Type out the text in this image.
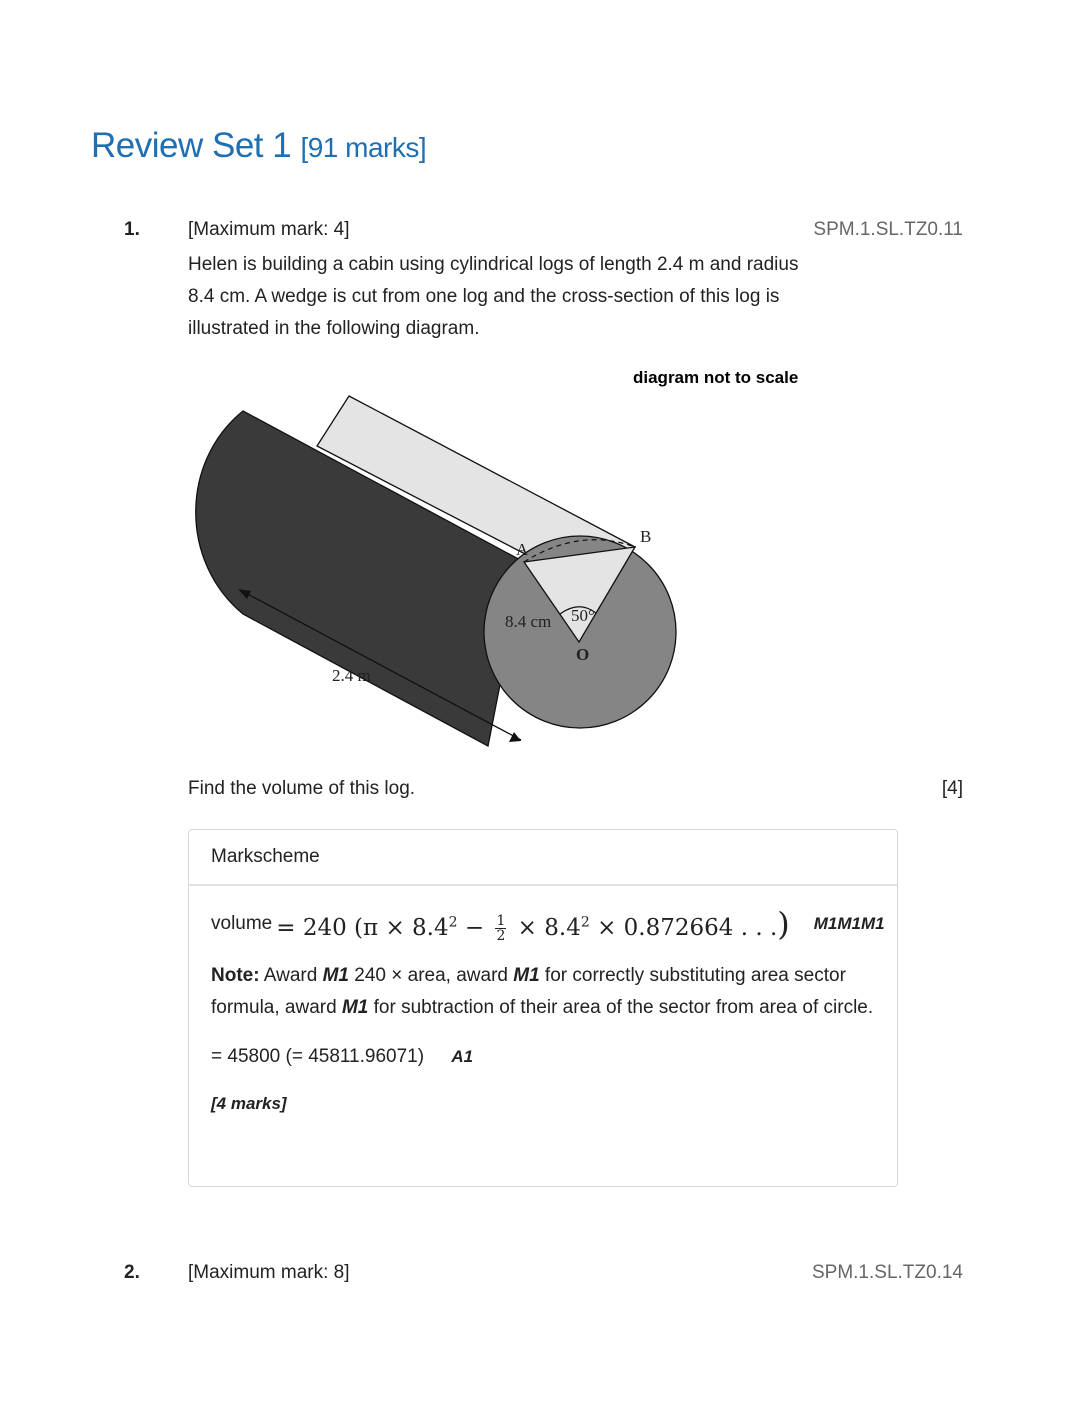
Review Set 1 [91 marks]
1.	[Maximum mark: 4]	SPM.1.SL.TZ0.11

Helen is building a cabin using cylindrical logs of length 2.4 m and radius 8.4 cm. A wedge is cut from one log and the cross-section of this log is illustrated in the following diagram.

diagram not to scale
A
B
O
50°
8.4 cm
2.4 m
Find the volume of this log.	[4]
Markscheme
volume = 240 ($\pi \times 8.4^2 - \frac{1}{2} \times 8.4^2 \times 0.872664$ . . .) M1M1M1

Note: Award M1 240 × area, award M1 for correctly substituting area sector formula, award M1 for subtraction of their area of the sector from area of circle.

= 45800 (= 45811.96071) A1
[4 marks]
2.	[Maximum mark: 8]	SPM.1.SL.TZ0.14
